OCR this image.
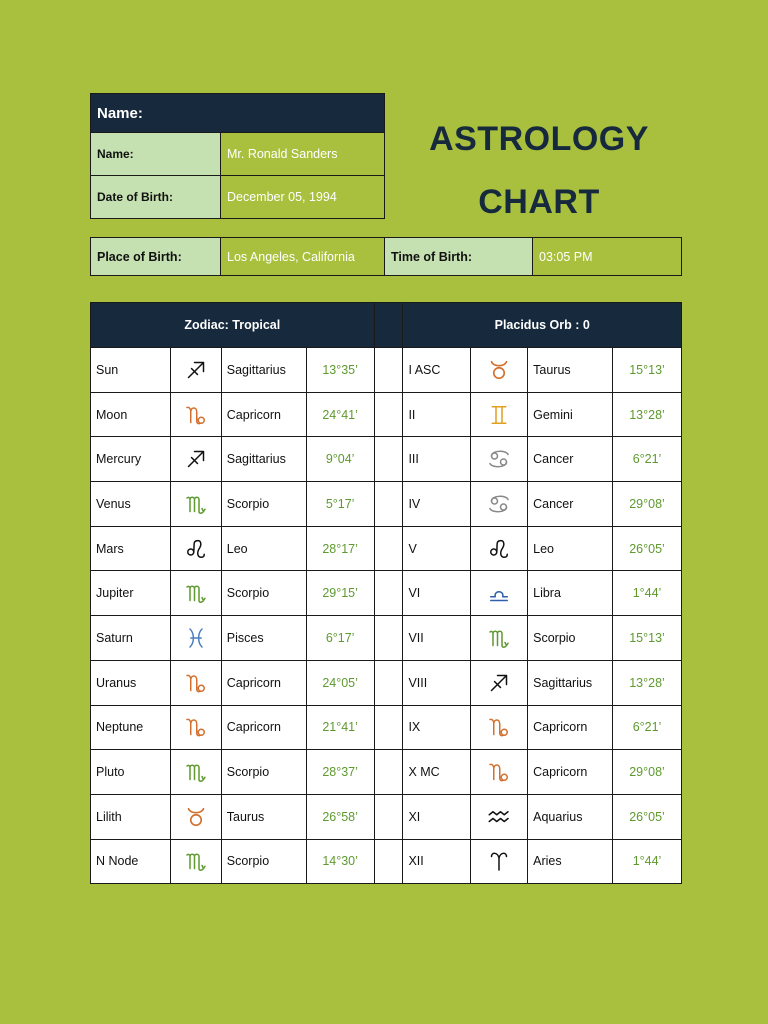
Name:	
Name:	Mr. Ronald Sanders
Date of Birth:	December 05, 1994
ASTROLOGY
CHART
Place of Birth:	Los Angeles, California	Time of Birth:	03:05 PM
Zodiac: Tropical					Placidus Orb : 0			
Sun		Sagittarius	13°35’		I ASC		Taurus	15°13’
Moon		Capricorn	24°41’		II		Gemini	13°28’
Mercury		Sagittarius	9°04’		III		Cancer	6°21’
Venus		Scorpio	5°17’		IV		Cancer	29°08’
Mars		Leo	28°17’		V		Leo	26°05’
Jupiter		Scorpio	29°15’		VI		Libra	1°44’
Saturn		Pisces	6°17’		VII		Scorpio	15°13’
Uranus		Capricorn	24°05’		VIII		Sagittarius	13°28’
Neptune		Capricorn	21°41’		IX		Capricorn	6°21’
Pluto		Scorpio	28°37’		X MC		Capricorn	29°08’
Lilith		Taurus	26°58’		XI		Aquarius	26°05’
N Node		Scorpio	14°30’		XII		Aries	1°44’
